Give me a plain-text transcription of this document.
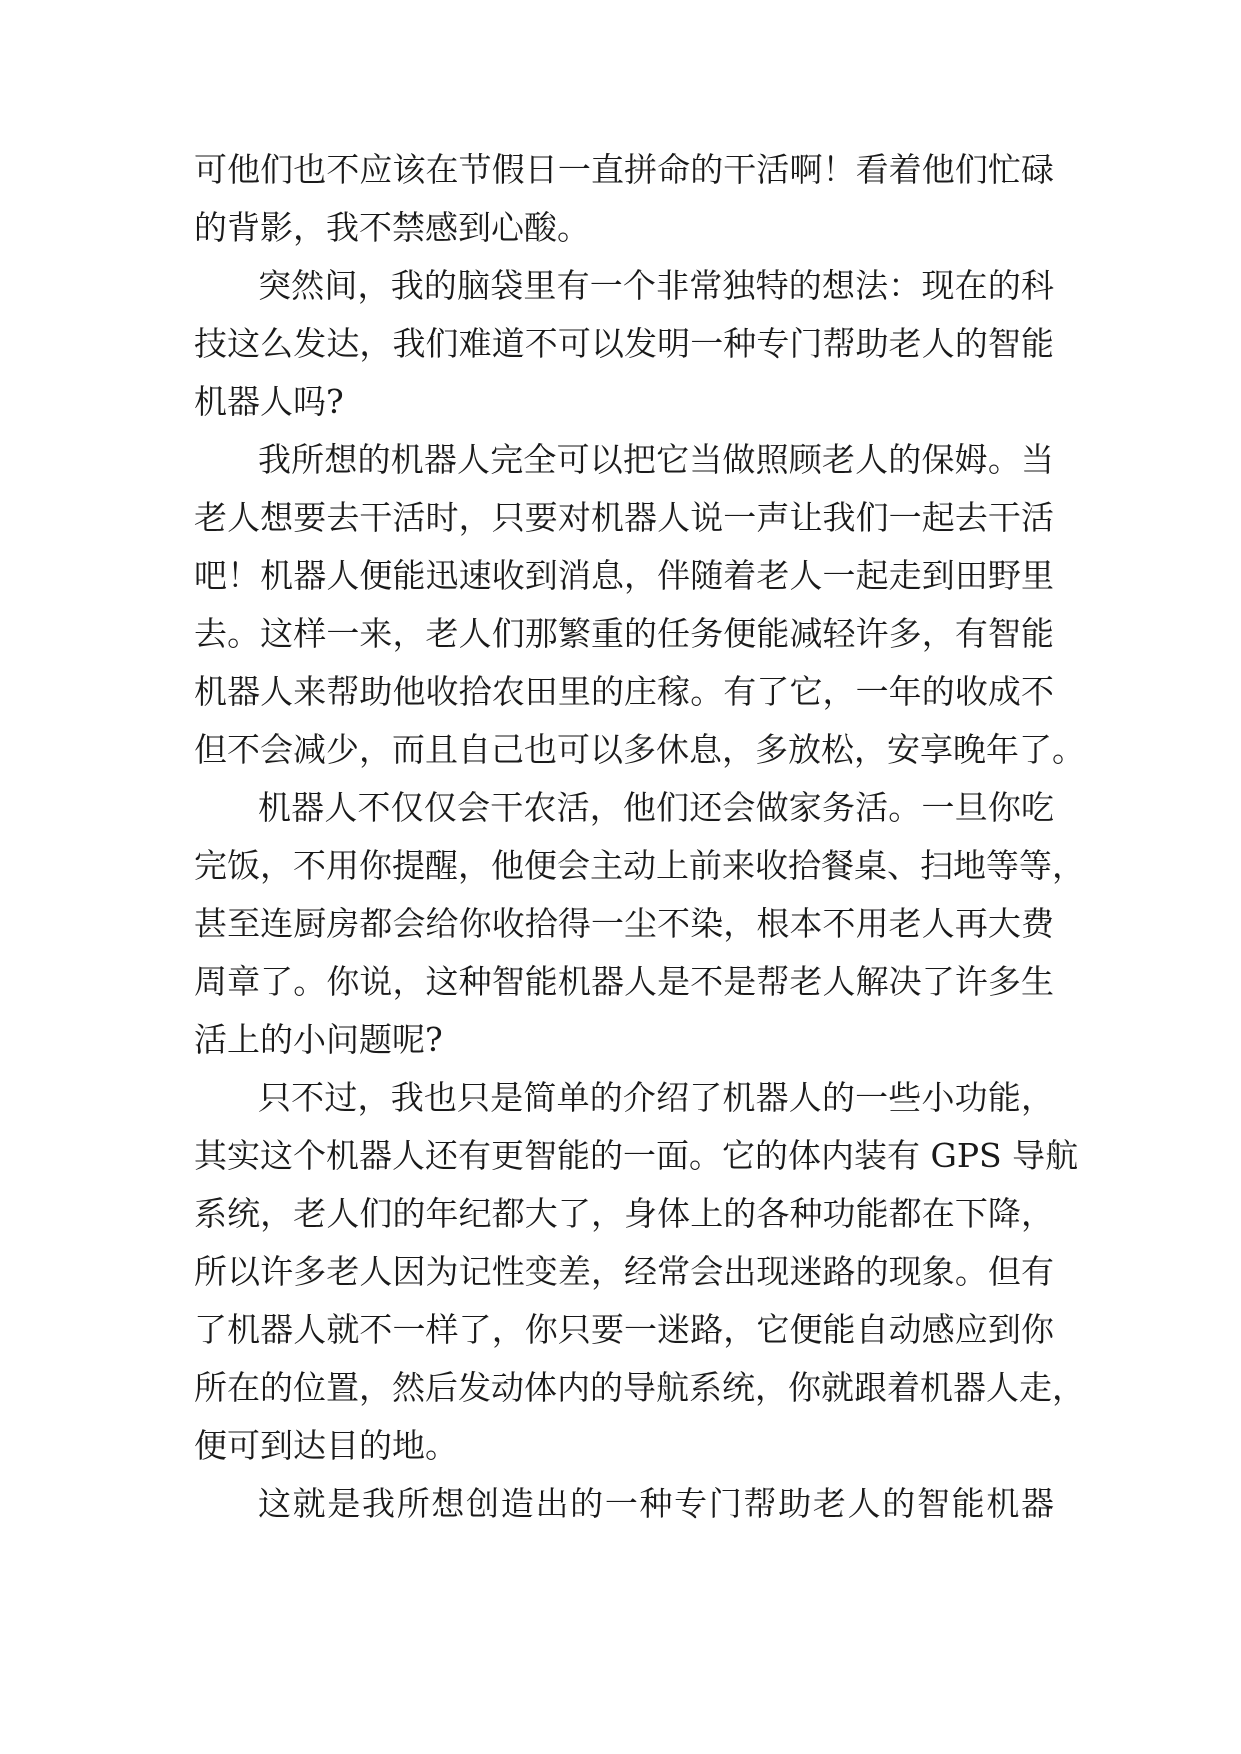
可他们也不应该在节假日一直拼命的干活啊！看着他们忙碌
的背影，我不禁感到心酸。
突然间，我的脑袋里有一个非常独特的想法：现在的科
技这么发达，我们难道不可以发明一种专门帮助老人的智能
机器人吗?
我所想的机器人完全可以把它当做照顾老人的保姆。当
老人想要去干活时，只要对机器人说一声让我们一起去干活
吧！机器人便能迅速收到消息，伴随着老人一起走到田野里
去。这样一来，老人们那繁重的任务便能减轻许多，有智能
机器人来帮助他收拾农田里的庄稼。有了它，一年的收成不
但不会减少，而且自己也可以多休息，多放松，安享晚年了。
机器人不仅仅会干农活，他们还会做家务活。一旦你吃
完饭，不用你提醒，他便会主动上前来收拾餐桌、扫地等等，
甚至连厨房都会给你收拾得一尘不染，根本不用老人再大费
周章了。你说，这种智能机器人是不是帮老人解决了许多生
活上的小问题呢?
只不过，我也只是简单的介绍了机器人的一些小功能，
其实这个机器人还有更智能的一面。它的体内装有 GPS 导航
系统，老人们的年纪都大了，身体上的各种功能都在下降，
所以许多老人因为记性变差，经常会出现迷路的现象。但有
了机器人就不一样了，你只要一迷路，它便能自动感应到你
所在的位置，然后发动体内的导航系统，你就跟着机器人走，
便可到达目的地。
这就是我所想创造出的一种专门帮助老人的智能机器
